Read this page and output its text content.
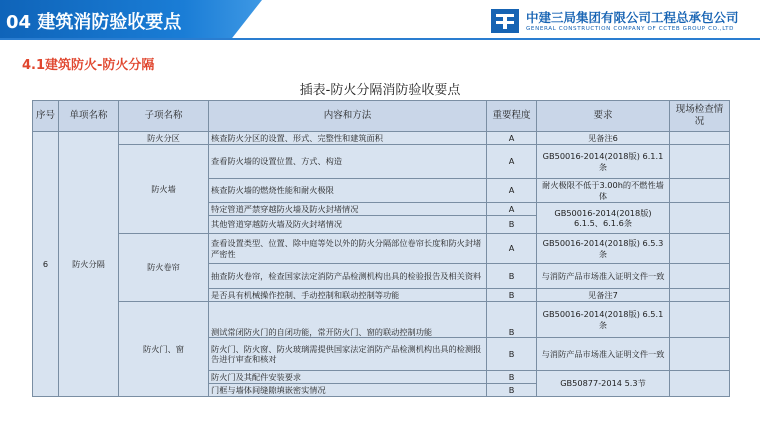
04 建筑消防验收要点	中建三局集团有限公司工程总承包公司
GENERAL CONSTRUCTION COMPANY OF CCTEB GROUP CO.,LTD
4.1建筑防火-防火分隔
插表-防火分隔消防验收要点
序号	单项名称	子项名称	内容和方法	重要程度	要求	现场检查情况
6	防火分隔	防火分区	核查防火分区的设置、形式、完整性和建筑面积	A	见备注6	
		防火墙	查看防火墙的设置位置、方式、构造	A	GB50016-2014(2018版) 6.1.1条	
			核查防火墙的燃烧性能和耐火极限	A	耐火极限不低于3.00h的不燃性墙体	
			特定管道严禁穿越防火墙及防火封堵情况	A	GB50016-2014(2018版) 6.1.5、6.1.6条	
			其他管道穿越防火墙及防火封堵情况	B		
		防火卷帘	查看设置类型、位置、除中庭等处以外的防火分隔部位卷帘长度和防火封堵严密性	A	GB50016-2014(2018版) 6.5.3条	
			抽查防火卷帘，检查国家法定消防产品检测机构出具的检验报告及相关资料	B	与消防产品市场准入证明文件一致	
			是否具有机械操作控制、手动控制和联动控制等功能	B	见备注7	
		防火门、窗	测试常闭防火门的自闭功能，常开防火门、窗的联动控制功能	B	GB50016-2014(2018版) 6.5.1条	
			防火门、防火窗、防火玻璃需提供国家法定消防产品检测机构出具的检测报告进行审查和核对	B	与消防产品市场准入证明文件一致	
			防火门及其配件安装要求	B	GB50877-2014 5.3节	
			门框与墙体间缝隙填嵌密实情况	B		
